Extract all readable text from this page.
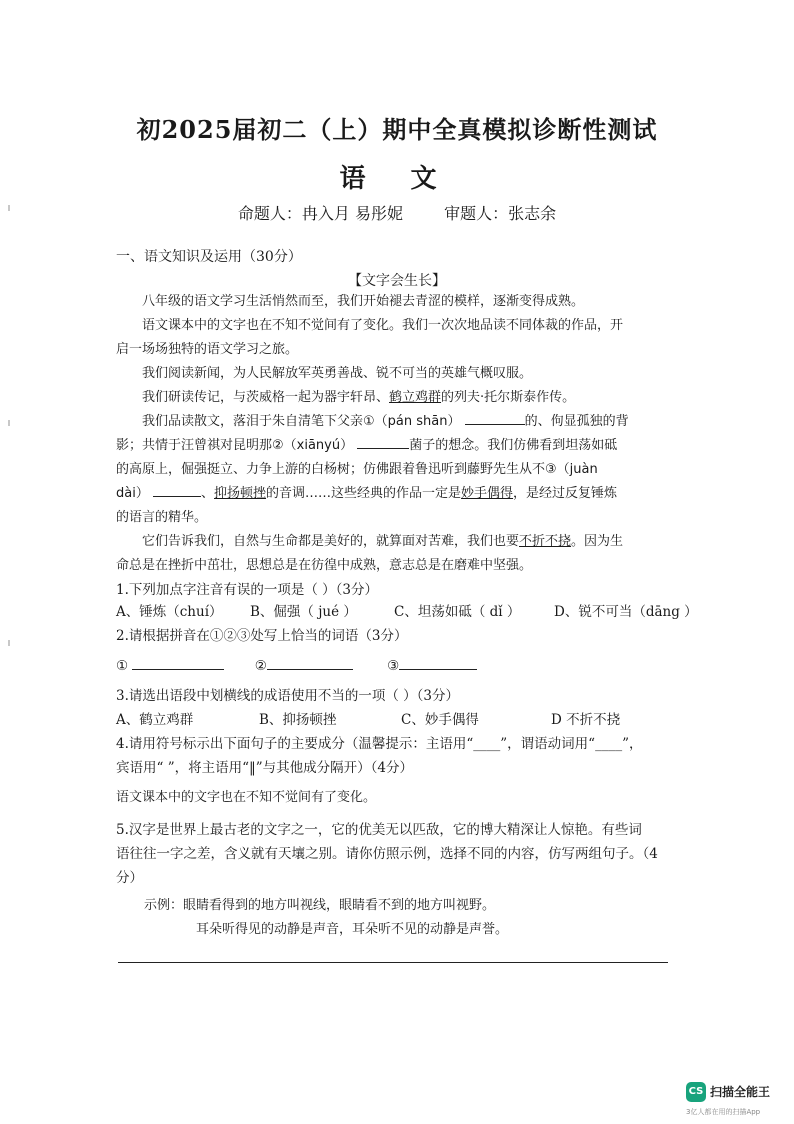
初2025届初二（上）期中全真模拟诊断性测试
语 文
命题人：冉入月 易彤妮	审题人：张志余
一、语文知识及运用（30分）
【文字会生长】
八年级的语文学习生活悄然而至，我们开始褪去青涩的模样，逐渐变得成熟。
语文课本中的文字也在不知不觉间有了变化。我们一次次地品读不同体裁的作品，开
启一场场独特的语文学习之旅。
我们阅读新闻，为人民解放军英勇善战、锐不可当的英雄气概叹服。
我们研读传记，与茨威格一起为器宇轩昂、鹤立鸡群的列夫·托尔斯泰作传。
我们品读散文，落泪于朱自清笔下父亲①（pán shān）	的、佝显孤独的背
影；共情于汪曾祺对昆明那②（xiānyú）	菌子的想念。我们仿佛看到坦荡如砥
的高原上，倔强挺立、力争上游的白杨树；仿佛跟着鲁迅听到藤野先生从不③（juàn
dài）	、抑扬顿挫的音调……这些经典的作品一定是妙手偶得，是经过反复锤炼
的语言的精华。
它们告诉我们，自然与生命都是美好的，就算面对苦难，我们也要不折不挠。因为生
命总是在挫折中茁壮，思想总是在彷徨中成熟，意志总是在磨难中坚强。
1.下列加点字注音有误的一项是（ ）（3分）
A、锤炼（chuí） B、倔强（ jué ）	C、坦荡如砥（ dǐ ） D、锐不可当（dāng ）
2.请根据拼音在①②③处写上恰当的词语（3分）
①	②	③
3.请选出语段中划横线的成语使用不当的一项（ ）（3分）
A、鹤立鸡群	B、抑扬顿挫	C、妙手偶得	D 不折不挠
4.请用符号标示出下面句子的主要成分（温馨提示：主语用“____”，谓语动词用“____”，
宾语用“ ”，将主语用“‖”与其他成分隔开）（4分）
语文课本中的文字也在不知不觉间有了变化。
5.汉字是世界上最古老的文字之一，它的优美无以匹敌，它的博大精深让人惊艳。有些词
语往往一字之差，含义就有天壤之别。请你仿照示例，选择不同的内容，仿写两组句子。（4
分）
示例：眼睛看得到的地方叫视线，眼睛看不到的地方叫视野。
耳朵听得见的动静是声音，耳朵听不见的动静是声誉。
CS 扫描全能王
3亿人都在用的扫描App
